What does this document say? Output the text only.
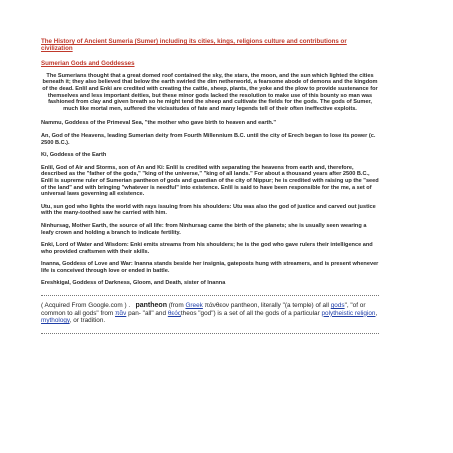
The History of Ancient Sumeria (Sumer) including its cities, kings, religions culture and contributions or civilization
Sumerian Gods and Goddesses

The Sumerians thought that a great domed roof contained the sky, the stars, the moon, and the sun which lighted the cities beneath it; they also believed that below the earth swirled the dim netherworld, a fearsome abode of demons and the kingdom of the dead. Enlil and Enki are credited with creating the cattle, sheep, plants, the yoke and the plow to provide sustenance for themselves and less important deities, but these minor gods lacked the resolution to make use of this bounty so man was fashioned from clay and given breath so he might tend the sheep and cultivate the fields for the gods. The gods of Sumer, much like mortal men, suffered the vicissitudes of fate and many legends tell of their often ineffective exploits.

Nammu, Goddess of the Primeval Sea, "the mother who gave birth to heaven and earth."

An, God of the Heavens, leading Sumerian deity from Fourth Millennium B.C. until the city of Erech began to lose its power (c. 2500 B.C.).

Ki, Goddess of the Earth

Enlil, God of Air and Storms, son of An and Ki: Enlil is credited with separating the heavens from earth and, therefore, described as the "father of the gods," "king of the universe," "king of all lands." For about a thousand years after 2500 B.C., Enlil is supreme ruler of Sumerian pantheon of gods and guardian of the city of Nippur; he is credited with raising up the "seed of the land" and with bringing "whatever is needful" into existence. Enlil is said to have been responsible for the me, a set of universal laws governing all existence.

Utu, sun god who lights the world with rays issuing from his shoulders: Utu was also the god of justice and carved out justice with the many-toothed saw he carried with him.

Ninhursag, Mother Earth, the source of all life: from Ninhursag came the birth of the planets; she is usually seen wearing a leafy crown and holding a branch to indicate fertility.

Enki, Lord of Water and Wisdom: Enki emits streams from his shoulders; he is the god who gave rulers their intelligence and who provided craftsmen with their skills.

Inanna, Goddess of Love and War: Inanna stands beside her insignia, gateposts hung with streamers, and is present whenever life is conceived through love or ended in battle.

Ereshkigal, Goddess of Darkness, Gloom, and Death, sister of Inanna

( Acquired From Google.com ) . pantheon (from Greek πάνθεον pantheon, literally "(a temple) of all gods", "of or common to all gods" from πᾶν pan- "all" and θεόςtheos "god") is a set of all the gods of a particular polytheistic religion, mythology, or tradition.
